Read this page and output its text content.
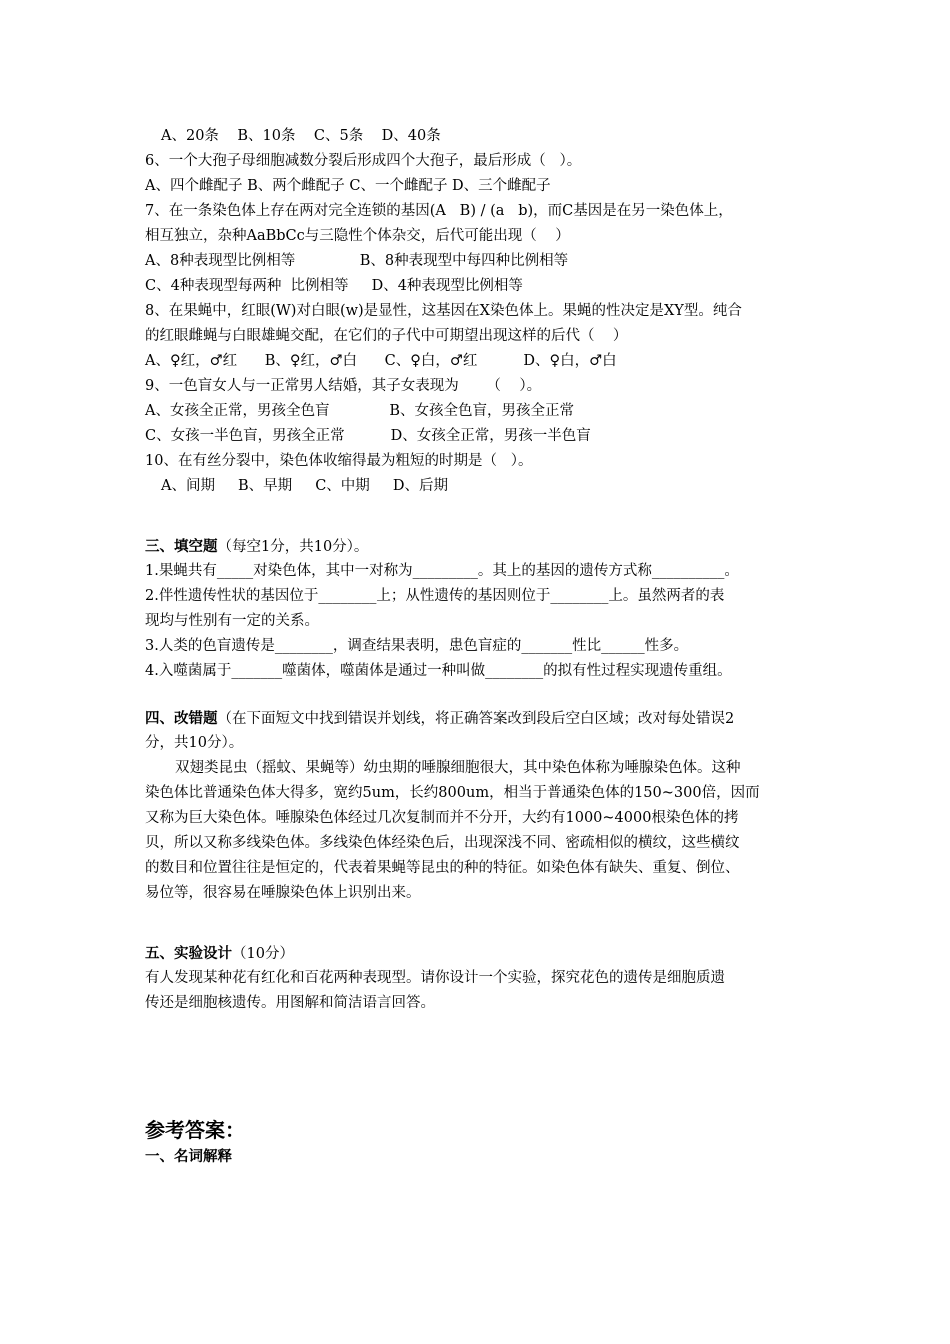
A、20条    B、10条    C、5条    D、40条
6、一个大孢子母细胞减数分裂后形成四个大孢子，最后形成（   ）。
A、四个雌配子 B、两个雌配子 C、一个雌配子 D、三个雌配子
7、在一条染色体上存在两对完全连锁的基因(A   B) / (a   b)，而C基因是在另一染色体上，
相互独立，杂种AaBbCc与三隐性个体杂交，后代可能出现（    ）
A、8种表现型比例相等              B、8种表现型中每四种比例相等
C、4种表现型每两种  比例相等     D、4种表现型比例相等
8、在果蝇中，红眼(W)对白眼(w)是显性，这基因在X染色体上。果蝇的性决定是XY型。纯合
的红眼雌蝇与白眼雄蝇交配，在它们的子代中可期望出现这样的后代（    ）
A、♀红，♂红      B、♀红，♂白      C、♀白，♂红          D、♀白，♂白
9、一色盲女人与一正常男人结婚，其子女表现为      （    ）。
A、女孩全正常，男孩全色盲             B、女孩全色盲，男孩全正常
C、女孩一半色盲，男孩全正常          D、女孩全正常，男孩一半色盲
10、在有丝分裂中，染色体收缩得最为粗短的时期是（   ）。
A、间期     B、早期     C、中期     D、后期
三、填空题（每空1分，共10分）。
1.果蝇共有_____对染色体，其中一对称为_________。其上的基因的遗传方式称__________。
2.伴性遗传性状的基因位于________上；从性遗传的基因则位于________上。虽然两者的表
现均与性别有一定的关系。
3.人类的色盲遗传是________，调查结果表明，患色盲症的_______性比______性多。
4.入噬菌属于_______噬菌体，噬菌体是通过一种叫做________的拟有性过程实现遗传重组。
四、改错题（在下面短文中找到错误并划线，将正确答案改到段后空白区域；改对每处错误2
分，共10分）。
双翅类昆虫（摇蚊、果蝇等）幼虫期的唾腺细胞很大，其中染色体称为唾腺染色体。这种
染色体比普通染色体大得多，宽约5um，长约800um，相当于普通染色体的150~300倍，因而
又称为巨大染色体。唾腺染色体经过几次复制而并不分开，大约有1000~4000根染色体的拷
贝，所以又称多线染色体。多线染色体经染色后，出现深浅不同、密疏相似的横纹，这些横纹
的数目和位置往往是恒定的，代表着果蝇等昆虫的种的特征。如染色体有缺失、重复、倒位、
易位等，很容易在唾腺染色体上识别出来。
五、实验设计（10分）
有人发现某种花有红化和百花两种表现型。请你设计一个实验，探究花色的遗传是细胞质遗
传还是细胞核遗传。用图解和简洁语言回答。
参考答案：
一、名词解释
